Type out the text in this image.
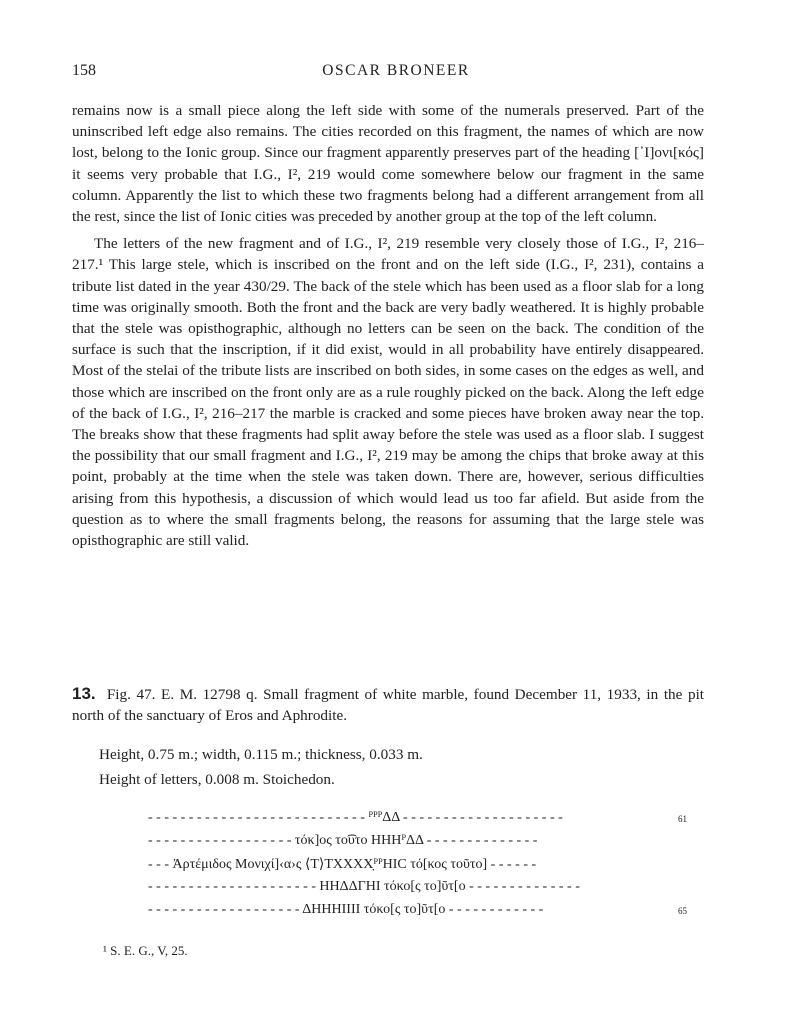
158	OSCAR BRONEER

remains now is a small piece along the left side with some of the numerals preserved. Part of the uninscribed left edge also remains. The cities recorded on this fragment, the names of which are now lost, belong to the Ionic group. Since our fragment apparently preserves part of the heading [᾿Ι]ονι[κός] it seems very probable that I.G., I², 219 would come somewhere below our fragment in the same column. Apparently the list to which these two fragments belong had a different arrangement from all the rest, since the list of Ionic cities was preceded by another group at the top of the left column.

The letters of the new fragment and of I.G., I², 219 resemble very closely those of I.G., I², 216–217.¹ This large stele, which is inscribed on the front and on the left side (I.G., I², 231), contains a tribute list dated in the year 430/29. The back of the stele which has been used as a floor slab for a long time was originally smooth. Both the front and the back are very badly weathered. It is highly probable that the stele was opisthographic, although no letters can be seen on the back. The condition of the surface is such that the inscription, if it did exist, would in all probability have entirely disappeared. Most of the stelai of the tribute lists are inscribed on both sides, in some cases on the edges as well, and those which are inscribed on the front only are as a rule roughly picked on the back. Along the left edge of the back of I.G., I², 216–217 the marble is cracked and some pieces have broken away near the top. The breaks show that these fragments had split away before the stele was used as a floor slab. I suggest the possibility that our small fragment and I.G., I², 219 may be among the chips that broke away at this point, probably at the time when the stele was taken down. There are, however, serious difficulties arising from this hypothesis, a discussion of which would lead us too far afield. But aside from the question as to where the small fragments belong, the reasons for assuming that the large stele was opisthographic are still valid.

13. Fig. 47. E. M. 12798 q. Small fragment of white marble, found December 11, 1933, in the pit north of the sanctuary of Eros and Aphrodite.

Height, 0.75 m.; width, 0.115 m.; thickness, 0.033 m.
Height of letters, 0.008 m. Stoichedon.
- - - - - - - - - - - - - - - - - - - - - - - - - - - ᴾᴾᴾΔΔ - - - - - - - - - - - - - - - - - - - -	61
- - - - - - - - - - - - - - - - - - τόκ]ος το͡υτο ΗΗΗᴾΔΔ - - - - - - - - - - - - - -
- - - Ἀρτέμιδος Μονιχί]‹α›ς ⟨Τ⟩ΤΧΧΧΧ̣ᴾᴾΗΙC τό[κος τοῦτο] - - - - - -
- - - - - - - - - - - - - - - - - - - - - ΗΗΔΔΓΗΙ τόκο[ς το]ῦτ[ο - - - - - - - - - - - - - -
- - - - - - - - - - - - - - - - - - - ΔΗΗΗΙΙΙΙ τόκο[ς το]ῦτ[ο - - - - - - - - - - - -	65
¹ S. E. G., V, 25.
